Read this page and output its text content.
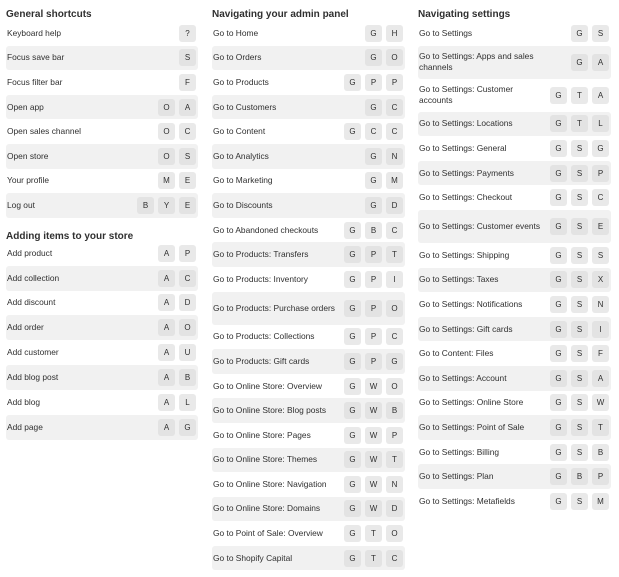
General shortcuts
Keyboard help	?
Focus save bar	S
Focus filter bar	F
Open app	O	A
Open sales channel	O	C
Open store	O	S
Your profile	M	E
Log out	B	Y	E
Adding items to your store
Add product	A	P
Add collection	A	C
Add discount	A	D
Add order	A	O
Add customer	A	U
Add blog post	A	B
Add blog	A	L
Add page	A	G
Navigating your admin panel
Go to Home	G	H
Go to Orders	G	O
Go to Products	G	P	P
Go to Customers	G	C
Go to Content	G	C	C
Go to Analytics	G	N
Go to Marketing	G	M
Go to Discounts	G	D
Go to Abandoned checkouts	G	B	C
Go to Products: Transfers	G	P	T
Go to Products: Inventory	G	P	I
Go to Products: Purchase orders	G	P	O
Go to Products: Collections	G	P	C
Go to Products: Gift cards	G	P	G
Go to Online Store: Overview	G	W	O
Go to Online Store: Blog posts	G	W	B
Go to Online Store: Pages	G	W	P
Go to Online Store: Themes	G	W	T
Go to Online Store: Navigation	G	W	N
Go to Online Store: Domains	G	W	D
Go to Point of Sale: Overview	G	T	O
Go to Shopify Capital	G	T	C
Navigating settings
Go to Settings	G	S
Go to Settings: Apps and sales channels	G	A
Go to Settings: Customer accounts	G	T	A
Go to Settings: Locations	G	T	L
Go to Settings: General	G	S	G
Go to Settings: Payments	G	S	P
Go to Settings: Checkout	G	S	C
Go to Settings: Customer events	G	S	E
Go to Settings: Shipping	G	S	S
Go to Settings: Taxes	G	S	X
Go to Settings: Notifications	G	S	N
Go to Settings: Gift cards	G	S	I
Go to Content: Files	G	S	F
Go to Settings: Account	G	S	A
Go to Settings: Online Store	G	S	W
Go to Settings: Point of Sale	G	S	T
Go to Settings: Billing	G	S	B
Go to Settings: Plan	G	B	P
Go to Settings: Metafields	G	S	M
